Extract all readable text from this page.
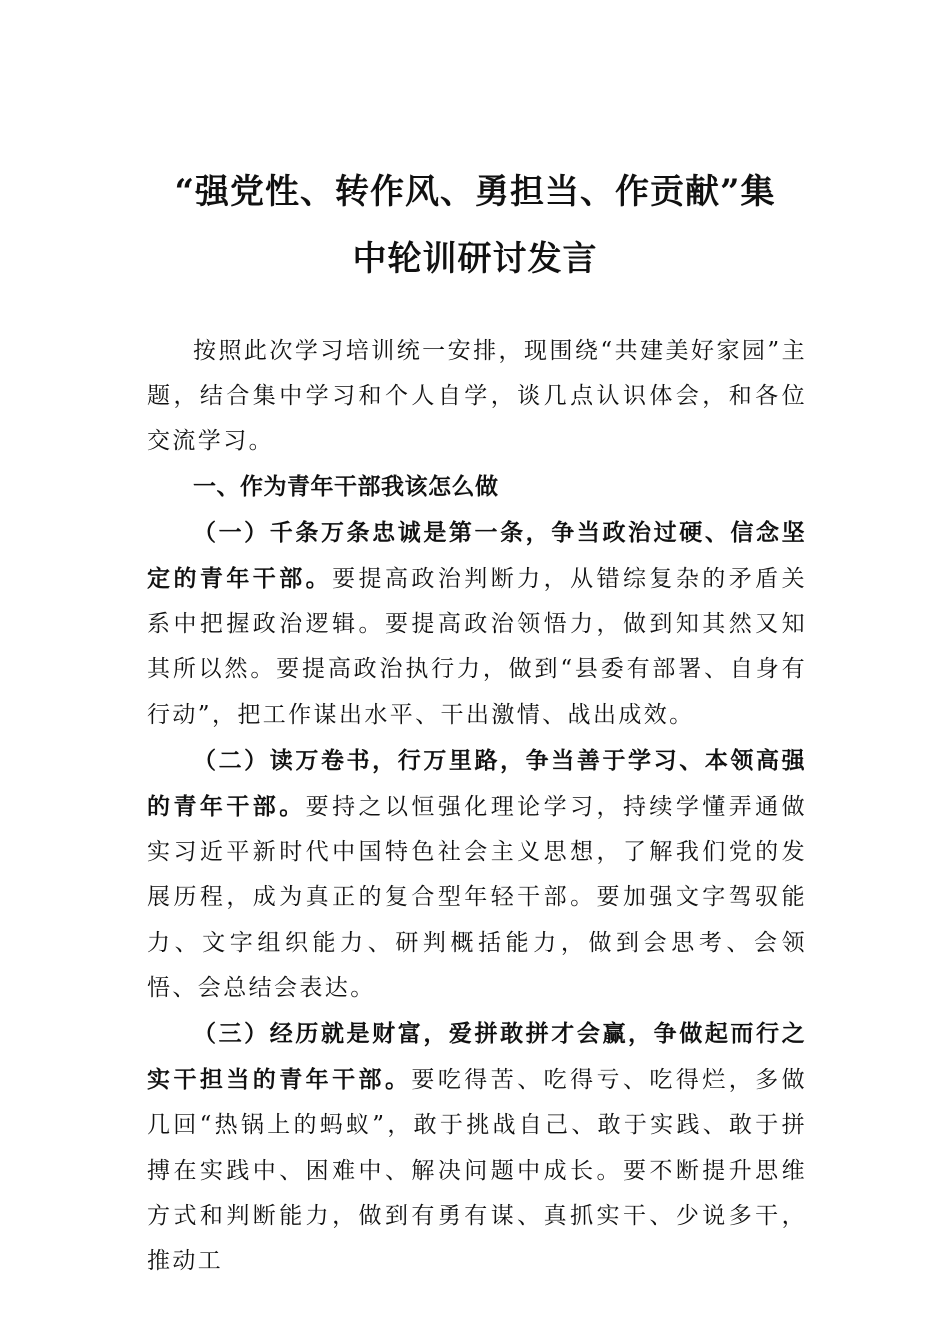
“强党性、转作风、勇担当、作贡献”集
中轮训研讨发言

按照此次学习培训统一安排，现围绕“共建美好家园”主题，结合集中学习和个人自学，谈几点认识体会，和各位交流学习。

一、作为青年干部我该怎么做

（一）千条万条忠诚是第一条，争当政治过硬、信念坚定的青年干部。要提高政治判断力，从错综复杂的矛盾关系中把握政治逻辑。要提高政治领悟力，做到知其然又知其所以然。要提高政治执行力，做到“县委有部署、自身有行动”，把工作谋出水平、干出激情、战出成效。

（二）读万卷书，行万里路，争当善于学习、本领高强的青年干部。要持之以恒强化理论学习，持续学懂弄通做实习近平新时代中国特色社会主义思想，了解我们党的发展历程，成为真正的复合型年轻干部。要加强文字驾驭能力、文字组织能力、研判概括能力，做到会思考、会领悟、会总结会表达。

（三）经历就是财富，爱拼敢拼才会赢，争做起而行之实干担当的青年干部。要吃得苦、吃得亏、吃得烂，多做几回“热锅上的蚂蚁”，敢于挑战自己、敢于实践、敢于拼搏在实践中、困难中、解决问题中成长。要不断提升思维方式和判断能力，做到有勇有谋、真抓实干、少说多干，推动工
